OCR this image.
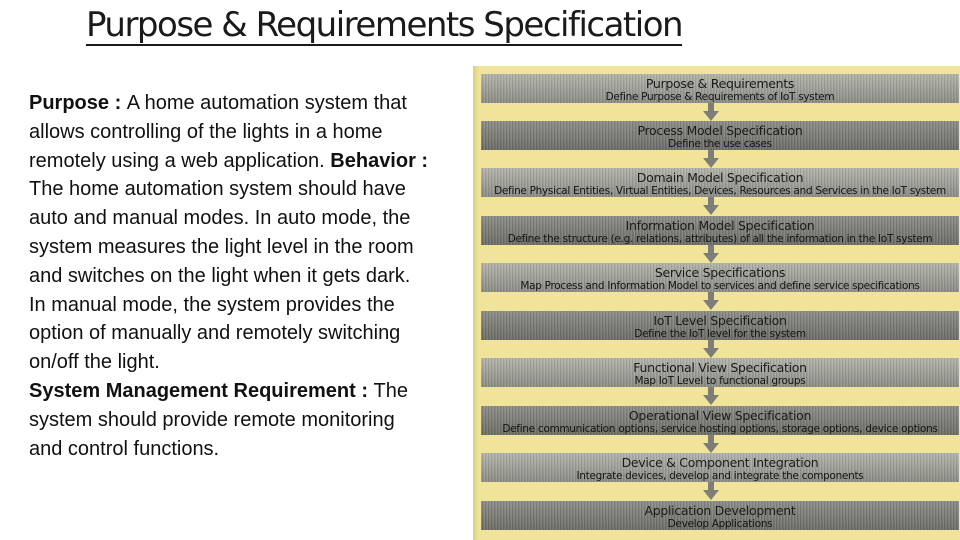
Purpose & Requirements Specification
Purpose : A home automation system that allows controlling of the lights in a home remotely using a web application. Behavior : The home automation system should have auto and manual modes. In auto mode, the system measures the light level in the room and switches on the light when it gets dark. In manual mode, the system provides the option of manually and remotely switching on/off the light.
System Management Requirement : The system should provide remote monitoring and control functions.
Purpose & Requirements
Define Purpose & Requirements of IoT system
Process Model Specification
Define the use cases
Domain Model Specification
Define Physical Entities, Virtual Entities, Devices, Resources and Services in the IoT system
Information Model Specification
Define the structure (e.g. relations, attributes) of all the information in the IoT system
Service Specifications
Map Process and Information Model to services and define service specifications
IoT Level Specification
Define the IoT level for the system
Functional View Specification
Map IoT Level to functional groups
Operational View Specification
Define communication options, service hosting options, storage options, device options
Device & Component Integration
Integrate devices, develop and integrate the components
Application Development
Develop Applications
